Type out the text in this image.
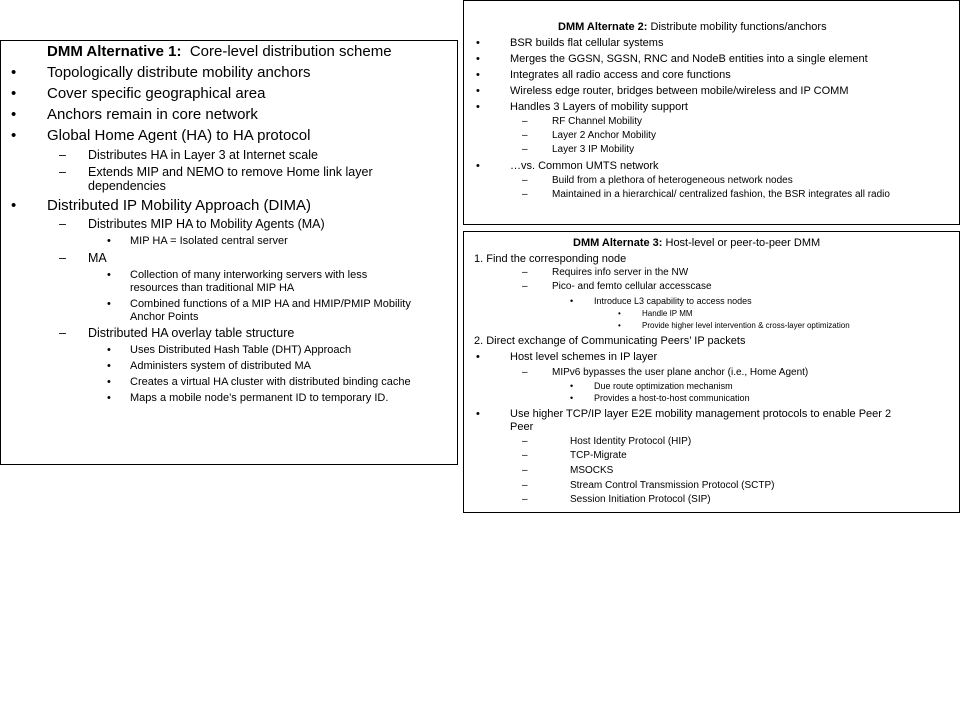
DMM Alternative 1: Core-level distribution scheme
• Topologically distribute mobility anchors
• Cover specific geographical area
• Anchors remain in core network
• Global Home Agent (HA) to HA protocol
– Distributes HA in Layer 3 at Internet scale
– Extends MIP and NEMO to remove Home link layer
dependencies
• Distributed IP Mobility Approach (DIMA)
– Distributes MIP HA to Mobility Agents (MA)
• MIP HA = Isolated central server
– MA
• Collection of many interworking servers with less
resources than traditional MIP HA
• Combined functions of a MIP HA and HMIP/PMIP Mobility
Anchor Points
– Distributed HA overlay table structure
• Uses Distributed Hash Table (DHT) Approach
• Administers system of distributed MA
• Creates a virtual HA cluster with distributed binding cache
• Maps a mobile node’s permanent ID to temporary ID.
DMM Alternate 2: Distribute mobility functions/anchors
•	BSR builds flat cellular systems
•	Merges the GGSN, SGSN, RNC and NodeB entities into a single element
•	Integrates all radio access and core functions
•	Wireless edge router, bridges between mobile/wireless and IP COMM
•	Handles 3 Layers of mobility support
– RF Channel Mobility
– Layer 2 Anchor Mobility
– Layer 3 IP Mobility
•	…vs. Common UMTS network
– Build from a plethora of heterogeneous network nodes
– Maintained in a hierarchical/ centralized fashion, the BSR integrates all radio
DMM Alternate 3: Host-level or peer-to-peer DMM
1. Find the corresponding node
– Requires info server in the NW
– Pico- and femto cellular accesscase
• Introduce L3 capability to access nodes
•	Handle IP MM
•	Provide higher level intervention & cross-layer optimization
2. Direct exchange of Communicating Peers’ IP packets
•	Host level schemes in IP layer
– MIPv6 bypasses the user plane anchor (i.e., Home Agent)
• Due route optimization mechanism
• Provides a host-to-host communication
•	Use higher TCP/IP layer E2E mobility management protocols to enable Peer 2
Peer
–	Host Identity Protocol (HIP)
–	TCP-Migrate
–	MSOCKS
–	Stream Control Transmission Protocol (SCTP)
–	Session Initiation Protocol (SIP)
